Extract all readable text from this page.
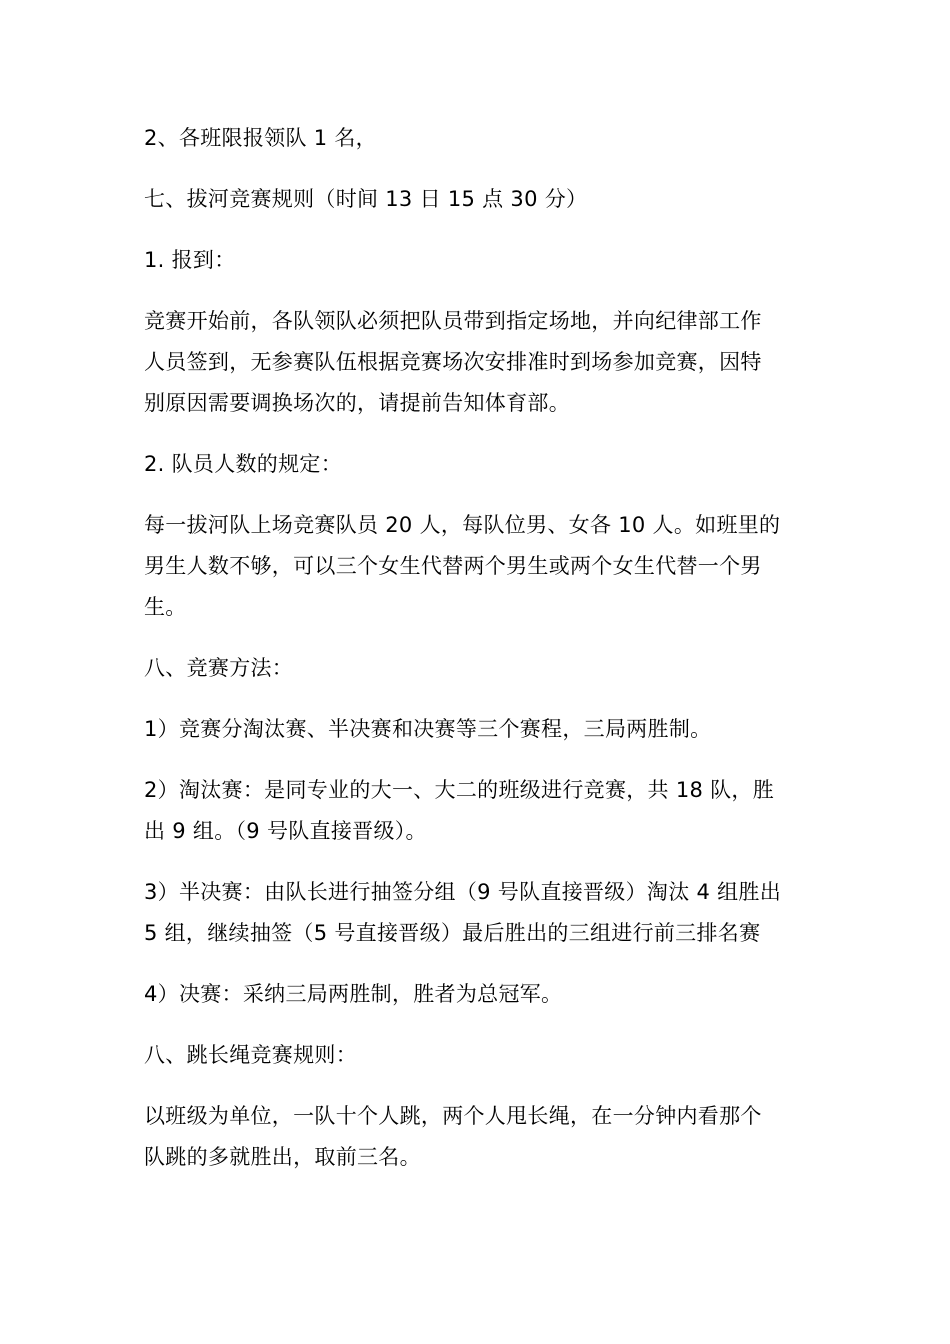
2、各班限报领队 1 名，

七、拔河竞赛规则（时间 13 日 15 点 30 分）

1. 报到：

竞赛开始前，各队领队必须把队员带到指定场地，并向纪律部工作
人员签到，无参赛队伍根据竞赛场次安排准时到场参加竞赛，因特
别原因需要调换场次的，请提前告知体育部。

2. 队员人数的规定：

每一拔河队上场竞赛队员 20 人，每队位男、女各 10 人。如班里的
男生人数不够，可以三个女生代替两个男生或两个女生代替一个男
生。

八、竞赛方法：

1）竞赛分淘汰赛、半决赛和决赛等三个赛程，三局两胜制。

2）淘汰赛：是同专业的大一、大二的班级进行竞赛，共 18 队，胜
出 9 组。（9 号队直接晋级）。

3）半决赛：由队长进行抽签分组（9 号队直接晋级）淘汰 4 组胜出
5 组，继续抽签（5 号直接晋级）最后胜出的三组进行前三排名赛

4）决赛：采纳三局两胜制，胜者为总冠军。

八、跳长绳竞赛规则：

以班级为单位，一队十个人跳，两个人甩长绳，在一分钟内看那个
队跳的多就胜出，取前三名。
